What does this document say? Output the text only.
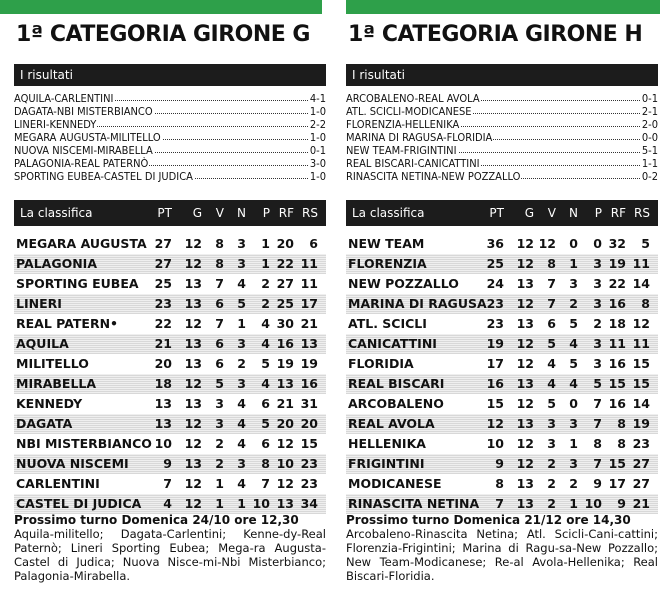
1ª CATEGORIA GIRONE G
I risultati
AQUILA-CARLENTINI	4-1
DAGATA-NBI MISTERBIANCO	1-0
LINERI-KENNEDY	2-2
MEGARA AUGUSTA-MILITELLO	1-0
NUOVA NISCEMI-MIRABELLA	0-1
PALAGONIA-REAL PATERNÒ	3-0
SPORTING EUBEA-CASTEL DI JUDICA	1-0
La classifica	PT	G	V	N	P RF RS
MEGARA AUGUSTA 27	12	8	3	1 20	6
PALAGONIA	27	12	8	3	1 22 11
SPORTING EUBEA	25	13	7	4	2 27 11
LINERI	23	13	6	5	2 25 17
REAL PATERN•	22	12	7	1	4 30 21
AQUILA	21	13	6	3	4 16 13
MILITELLO	20	13	6	2	5 19 19
MIRABELLA	18	12	5	3	4 13 16
KENNEDY	13	13	3	4	6 21 31
DAGATA	13	12	3	4	5 20 20
NBI MISTERBIANCO 10	12	2	4	6 12 15
NUOVA NISCEMI	9	13	2	3	8 10 23
CARLENTINI	7	12	1	4	7 12 23
CASTEL DI JUDICA	4	12	1	1 10 13 34
Prossimo turno Domenica 24/10 ore 12,30
Aquila-militello; Dagata-Carlentini; Kenne-dy-Real Paternò; Lineri Sporting Eubea; Mega-ra Augusta-Castel di Judica; Nuova Nisce-mi-Nbi Misterbianco; Palagonia-Mirabella.
1ª CATEGORIA GIRONE H
I risultati
ARCOBALENO-REAL AVOLA	0-1
ATL. SCICLI-MODICANESE	2-1
FLORENZIA-HELLENIKA	2-0
MARINA DI RAGUSA-FLORIDIA	0-0
NEW TEAM-FRIGINTINI	5-1
REAL BISCARI-CANICATTINI	1-1
RINASCITA NETINA-NEW POZZALLO	0-2
La classifica	PT	G	V	N	P RF RS
NEW TEAM	36	12 12	0	0 32	5
FLORENZIA	25	12	8	1	3 19 11
NEW POZZALLO	24	13	7	3	3 22 14
MARINA DI RAGUSA 23	12	7	2	3 16	8
ATL. SCICLI	23	13	6	5	2 18 12
CANICATTINI	19	12	5	4	3 11 11
FLORIDIA	17	12	4	5	3 16 15
REAL BISCARI	16	13	4	4	5 15 15
ARCOBALENO	15	12	5	0	7 16 14
REAL AVOLA	12	13	3	3	7	8 19
HELLENIKA	10	12	3	1	8	8 23
FRIGINTINI	9	12	2	3	7 15 27
MODICANESE	8	13	2	2	9 17 27
RINASCITA NETINA	7	13	2	1 10	9 21
Prossimo turno Domenica 21/12 ore 14,30
Arcobaleno-Rinascita Netina; Atl. Scicli-Cani-cattini; Florenzia-Frigintini; Marina di Ragu-sa-New Pozzallo; New Team-Modicanese; Re-al Avola-Hellenika; Real Biscari-Floridia.
